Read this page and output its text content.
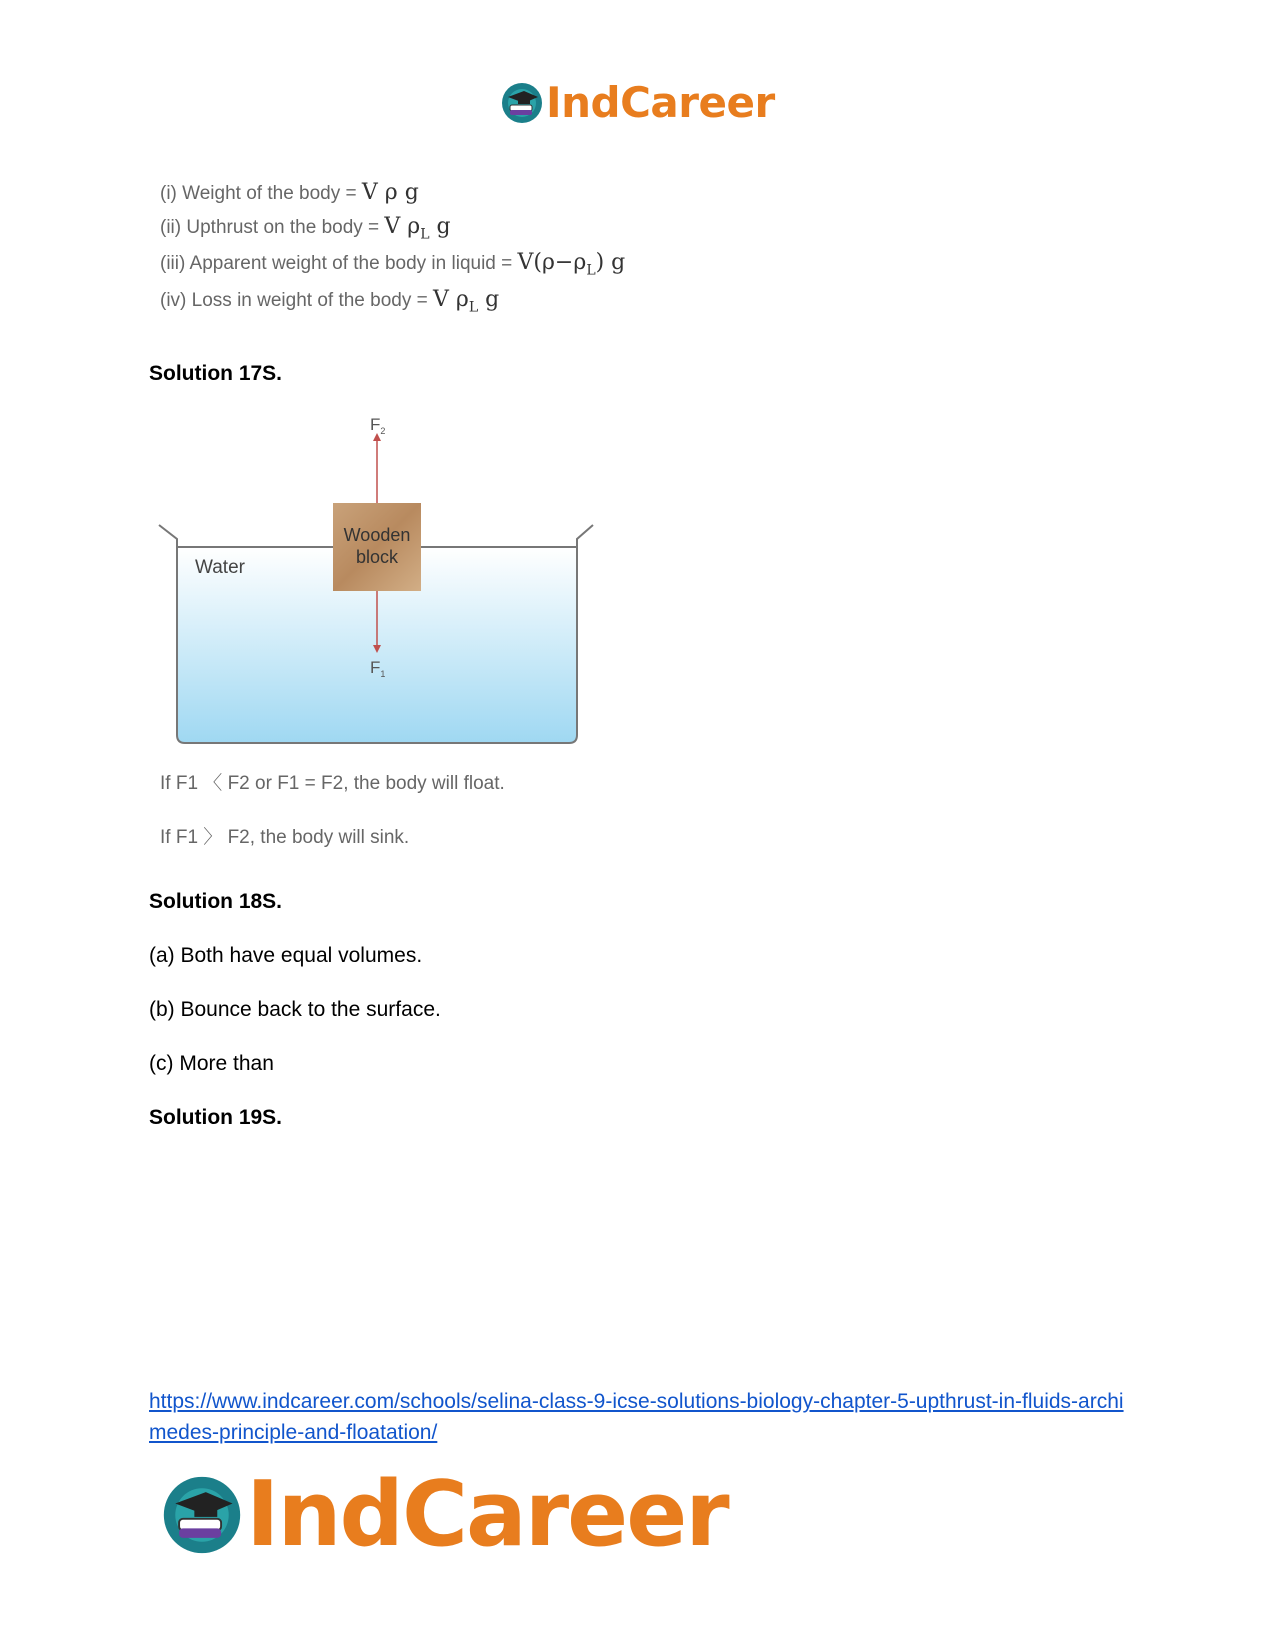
IndCareer
(i) Weight of the body = V ρ g
(ii) Upthrust on the body = V $\rho_L$ g
(iii) Apparent weight of the body in liquid = $V(\rho-\rho_L)$ g
(iv) Loss in weight of the body = V $\rho_L$ g
Solution 17S.
$F_2$
$F_1$
Water
Wooden
block
If F1 〈 F2 or F1 = F2, the body will float.
If F1 〉 F2, the body will sink.
Solution 18S.
(a) Both have equal volumes.
(b) Bounce back to the surface.
(c) More than
Solution 19S.
https://www.indcareer.com/schools/selina-class-9-icse-solutions-biology-chapter-5-upthrust-in-fluids-archimedes-principle-and-floatation/
IndCareer
